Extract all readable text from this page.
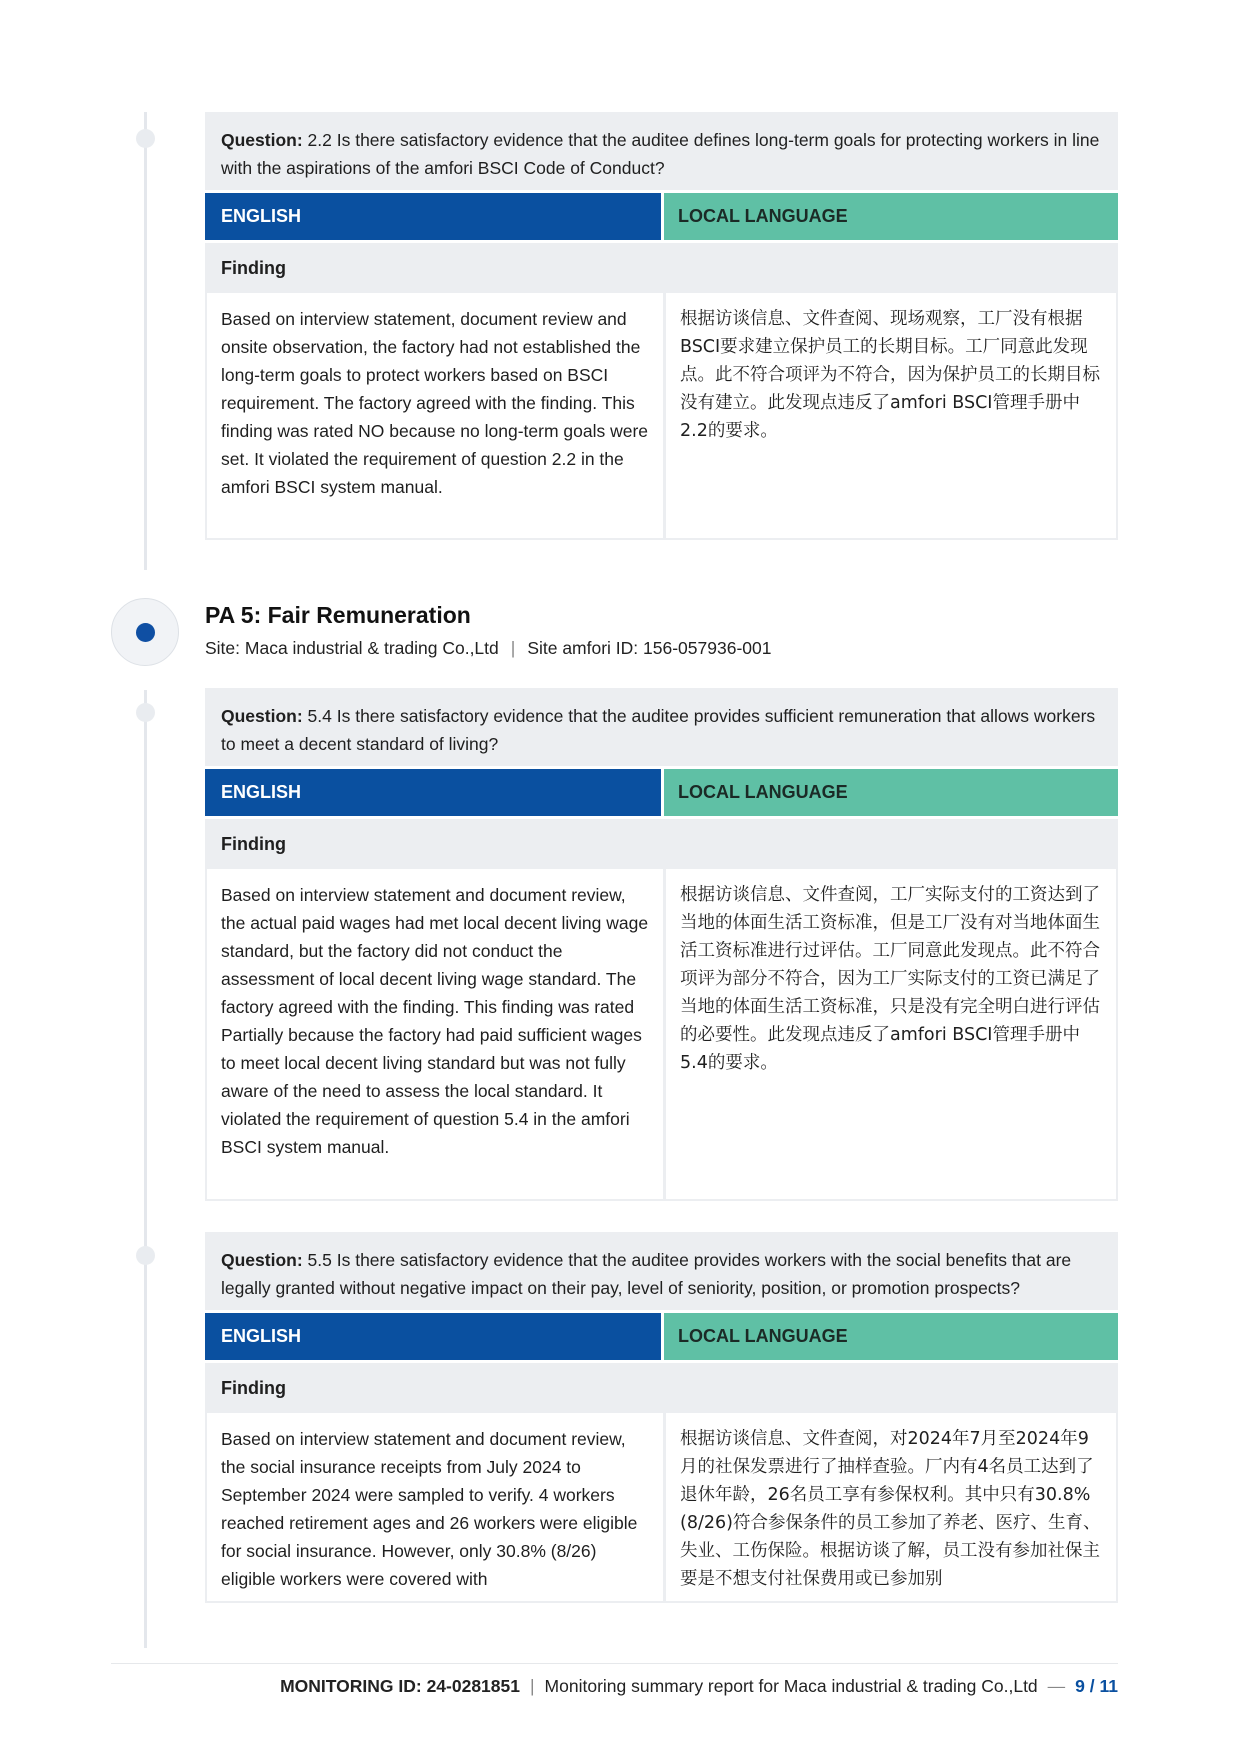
Question: 2.2 Is there satisfactory evidence that the auditee defines long-term goals for protecting workers in line with the aspirations of the amfori BSCI Code of Conduct?
ENGLISH	LOCAL LANGUAGE
Finding
Based on interview statement, document review and onsite observation, the factory had not established the long-term goals to protect workers based on BSCI requirement. The factory agreed with the finding. This finding was rated NO because no long-term goals were set. It violated the requirement of question 2.2 in the amfori BSCI system manual.
根据访谈信息、文件查阅、现场观察，工厂没有根据BSCI要求建立保护员工的长期目标。工厂同意此发现点。此不符合项评为不符合，因为保护员工的长期目标没有建立。此发现点违反了amfori BSCI管理手册中2.2的要求。
PA 5: Fair Remuneration
Site: Maca industrial & trading Co.,Ltd | Site amfori ID: 156-057936-001
Question: 5.4 Is there satisfactory evidence that the auditee provides sufficient remuneration that allows workers to meet a decent standard of living?
ENGLISH	LOCAL LANGUAGE
Finding
Based on interview statement and document review, the actual paid wages had met local decent living wage standard, but the factory did not conduct the assessment of local decent living wage standard. The factory agreed with the finding. This finding was rated Partially because the factory had paid sufficient wages to meet local decent living standard but was not fully aware of the need to assess the local standard. It violated the requirement of question 5.4 in the amfori BSCI system manual.
根据访谈信息、文件查阅，工厂实际支付的工资达到了当地的体面生活工资标准，但是工厂没有对当地体面生活工资标准进行过评估。工厂同意此发现点。此不符合项评为部分不符合，因为工厂实际支付的工资已满足了当地的体面生活工资标准，只是没有完全明白进行评估的必要性。此发现点违反了amfori BSCI管理手册中5.4的要求。
Question: 5.5 Is there satisfactory evidence that the auditee provides workers with the social benefits that are legally granted without negative impact on their pay, level of seniority, position, or promotion prospects?
ENGLISH	LOCAL LANGUAGE
Finding
Based on interview statement and document review, the social insurance receipts from July 2024 to September 2024 were sampled to verify. 4 workers reached retirement ages and 26 workers were eligible for social insurance. However, only 30.8% (8/26) eligible workers were covered with
根据访谈信息、文件查阅，对2024年7月至2024年9月的社保发票进行了抽样查验。厂内有4名员工达到了退休年龄，26名员工享有参保权利。其中只有30.8% (8/26)符合参保条件的员工参加了养老、医疗、生育、失业、工伤保险。根据访谈了解，员工没有参加社保主要是不想支付社保费用或已参加别
MONITORING ID: 24-0281851 | Monitoring summary report for Maca industrial & trading Co.,Ltd — 9 / 11
